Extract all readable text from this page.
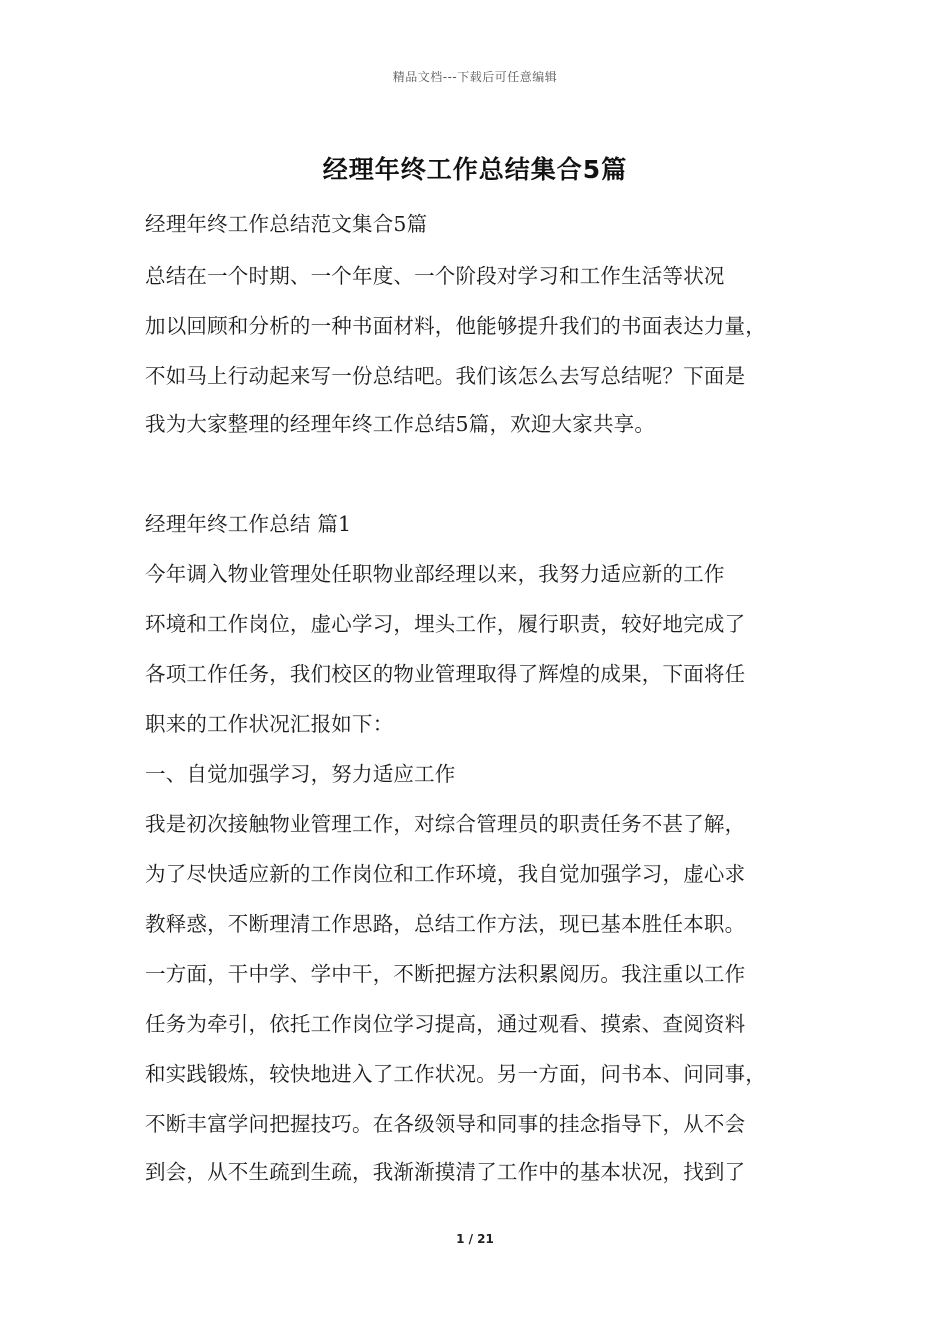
精品文档---下载后可任意编辑
经理年终工作总结集合5篇
经理年终工作总结范文集合5篇
总结在一个时期、一个年度、一个阶段对学习和工作生活等状况
加以回顾和分析的一种书面材料，他能够提升我们的书面表达力量，
不如马上行动起来写一份总结吧。我们该怎么去写总结呢？下面是
我为大家整理的经理年终工作总结5篇，欢迎大家共享。
经理年终工作总结 篇1
今年调入物业管理处任职物业部经理以来，我努力适应新的工作
环境和工作岗位，虚心学习，埋头工作，履行职责，较好地完成了
各项工作任务，我们校区的物业管理取得了辉煌的成果，下面将任
职来的工作状况汇报如下：
一、自觉加强学习，努力适应工作
我是初次接触物业管理工作，对综合管理员的职责任务不甚了解，
为了尽快适应新的工作岗位和工作环境，我自觉加强学习，虚心求
教释惑，不断理清工作思路，总结工作方法，现已基本胜任本职。
一方面，干中学、学中干，不断把握方法积累阅历。我注重以工作
任务为牵引，依托工作岗位学习提高，通过观看、摸索、查阅资料
和实践锻炼，较快地进入了工作状况。另一方面，问书本、问同事，
不断丰富学问把握技巧。在各级领导和同事的挂念指导下，从不会
到会，从不生疏到生疏，我渐渐摸清了工作中的基本状况，找到了
1 / 21
